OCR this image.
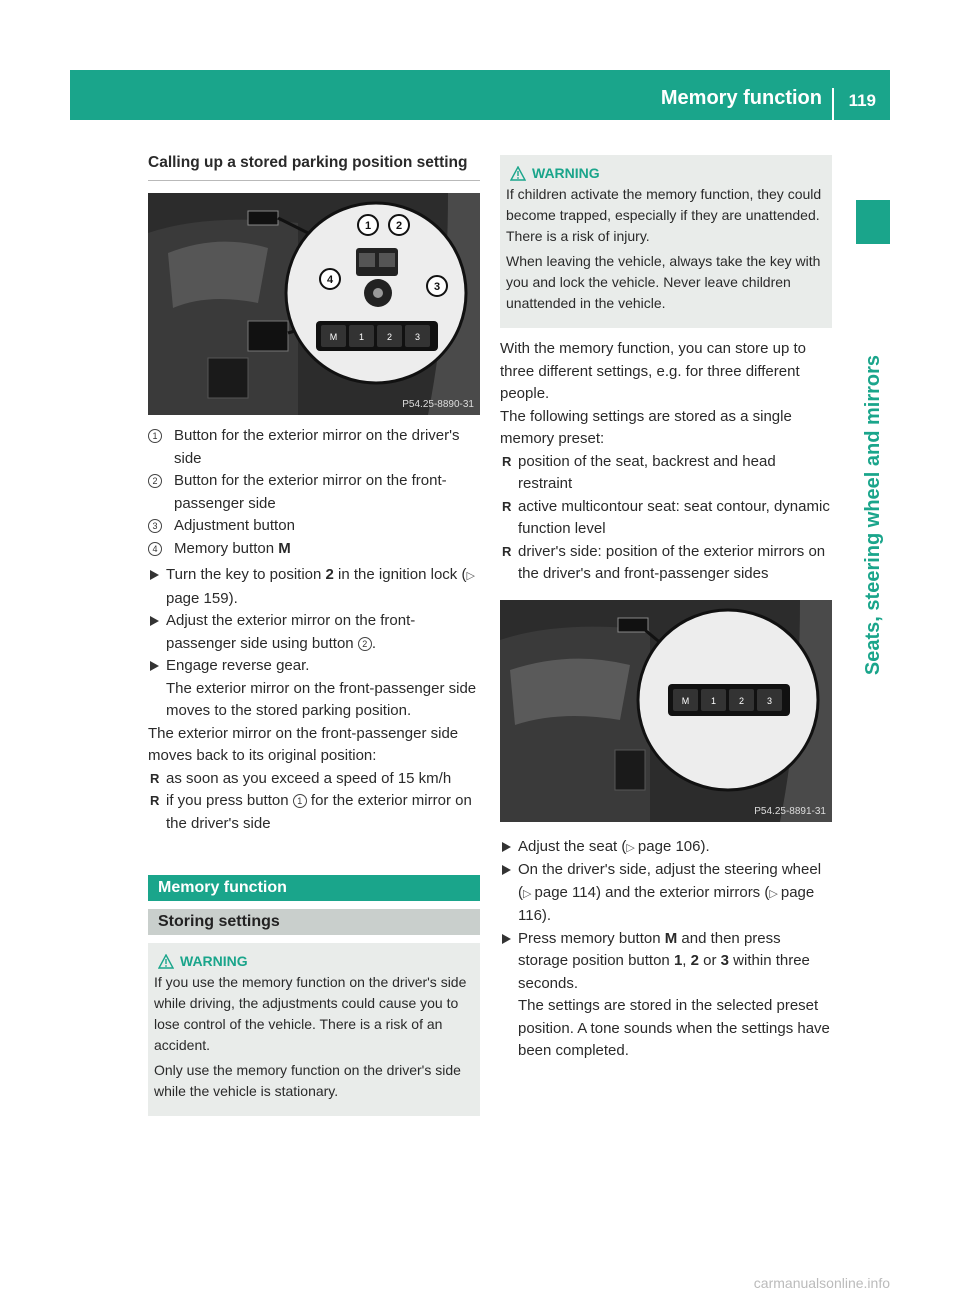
Memory function 119
Seats, steering wheel and mirrors
Calling up a stored parking position setting
M 1	2	3
1 2
3
4
P54.25-8890-31
1	Button for the exterior mirror on the driver's side
2	Button for the exterior mirror on the front-passenger side
3	Adjustment button
4	Memory button M
Turn the key to position 2 in the ignition lock (▷ page 159).
Adjust the exterior mirror on the front-passenger side using button 2 .
Engage reverse gear.
The exterior mirror on the front-passenger side moves to the stored parking position.

The exterior mirror on the front-passenger side moves back to its original position:

R as soon as you exceed a speed of 15 km/h
R if you press button 1 for the exterior mirror on the driver's side
Memory function
Storing settings
WARNING

If you use the memory function on the driver's side while driving, the adjustments could cause you to lose control of the vehicle. There is a risk of an accident.

Only use the memory function on the driver's side while the vehicle is stationary.

WARNING

If children activate the memory function, they could become trapped, especially if they are unattended. There is a risk of injury.

When leaving the vehicle, always take the key with you and lock the vehicle. Never leave children unattended in the vehicle.

With the memory function, you can store up to three different settings, e.g. for three different people.

The following settings are stored as a single memory preset:

R position of the seat, backrest and head restraint
R active multicontour seat: seat contour, dynamic function level
R driver's side: position of the exterior mirrors on the driver's and front-passenger sides
M 1	2	3
P54.25-8891-31
Adjust the seat (▷ page 106).
On the driver's side, adjust the steering wheel (▷ page 114) and the exterior mirrors (▷ page 116).
Press memory button M and then press storage position button 1, 2 or 3 within three seconds.
The settings are stored in the selected preset position. A tone sounds when the settings have been completed.
carmanualsonline.info
